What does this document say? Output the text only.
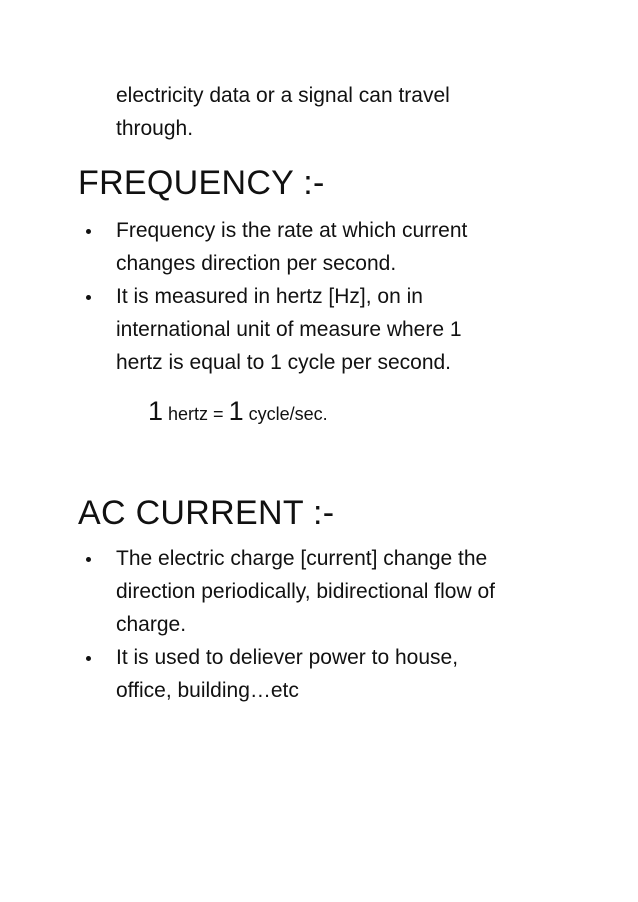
electricity data or a signal can travel
through.

FREQUENCY :-
Frequency is the rate at which current
changes direction per second.
It is measured in hertz [Hz], on in
international unit of measure where 1
hertz is equal to 1 cycle per second.
1 hertz = 1 cycle/sec.
AC CURRENT :-
The electric charge [current] change the
direction periodically, bidirectional flow of
charge.
It is used to deliever power to house,
office, building…etc
